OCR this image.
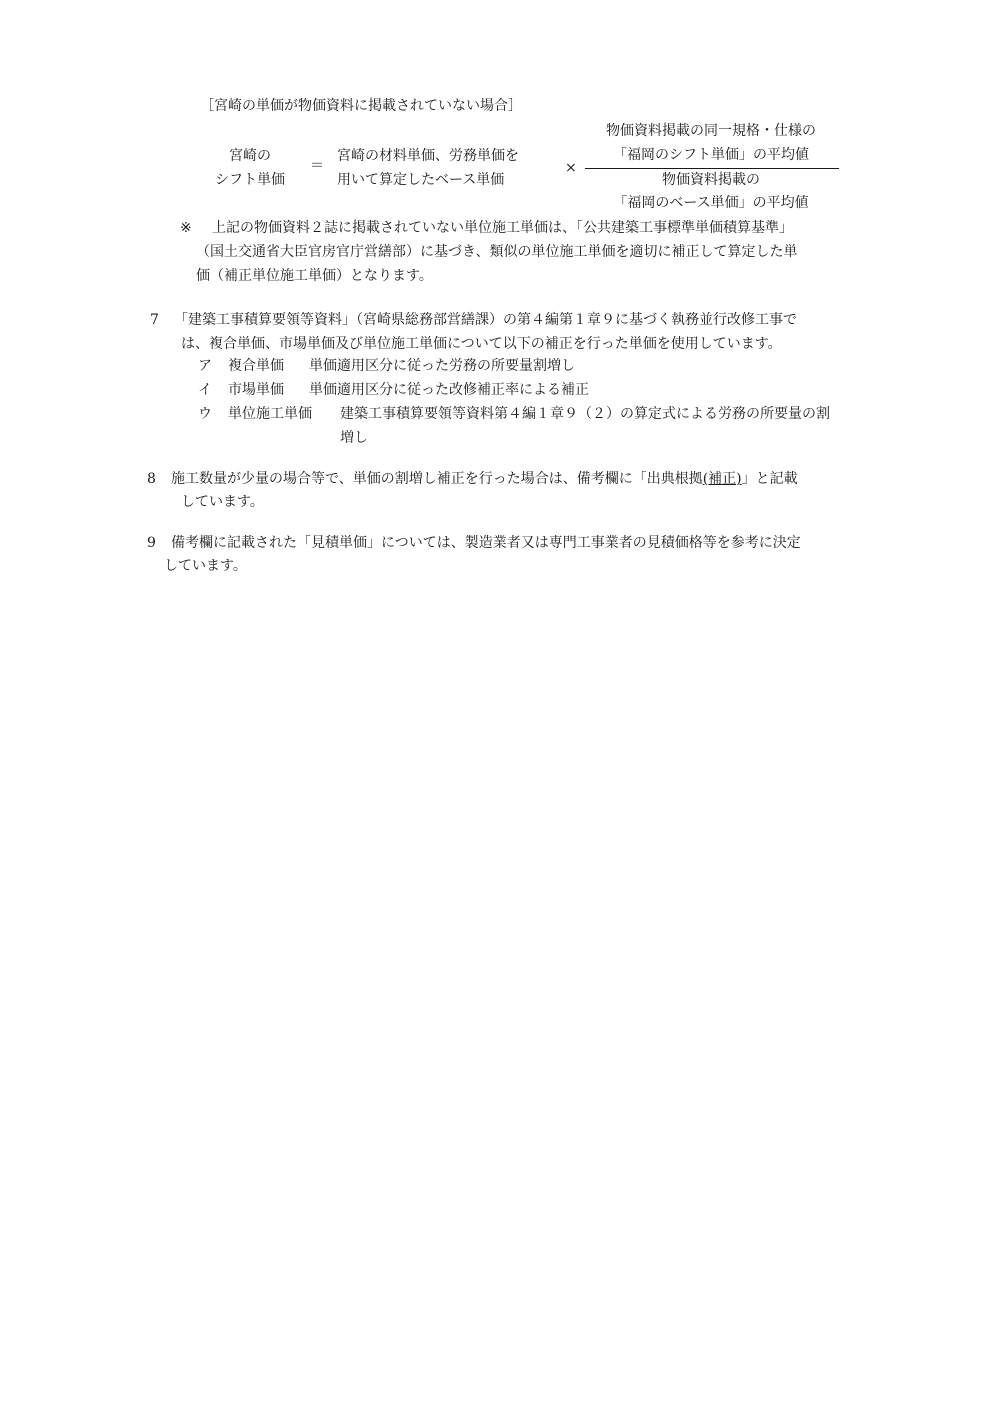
［宮崎の単価が物価資料に掲載されていない場合］
宮崎の
シフト単価
＝
宮崎の材料単価、労務単価を
用いて算定したベース単価
×
物価資料掲載の同一規格・仕様の
「福岡のシフト単価」の平均値
物価資料掲載の
「福岡のベース単価」の平均値
※ 上記の物価資料２誌に掲載されていない単位施工単価は、「公共建築工事標準単価積算基準」
（国土交通省大臣官房官庁営繕部）に基づき、類似の単位施工単価を適切に補正して算定した単
価（補正単位施工単価）となります。
7 「建築工事積算要領等資料」（宮崎県総務部営繕課）の第４編第１章９に基づく執務並行改修工事で
は、複合単価、市場単価及び単位施工単価について以下の補正を行った単価を使用しています。
ア 複合単価 単価適用区分に従った労務の所要量割増し
イ 市場単価 単価適用区分に従った改修補正率による補正
ウ 単位施工単価 建築工事積算要領等資料第４編１章９（２）の算定式による労務の所要量の割
増し
8 施工数量が少量の場合等で、単価の割増し補正を行った場合は、備考欄に「出典根拠(補正)」と記載
しています。
9 備考欄に記載された「見積単価」については、製造業者又は専門工事業者の見積価格等を参考に決定
しています。
